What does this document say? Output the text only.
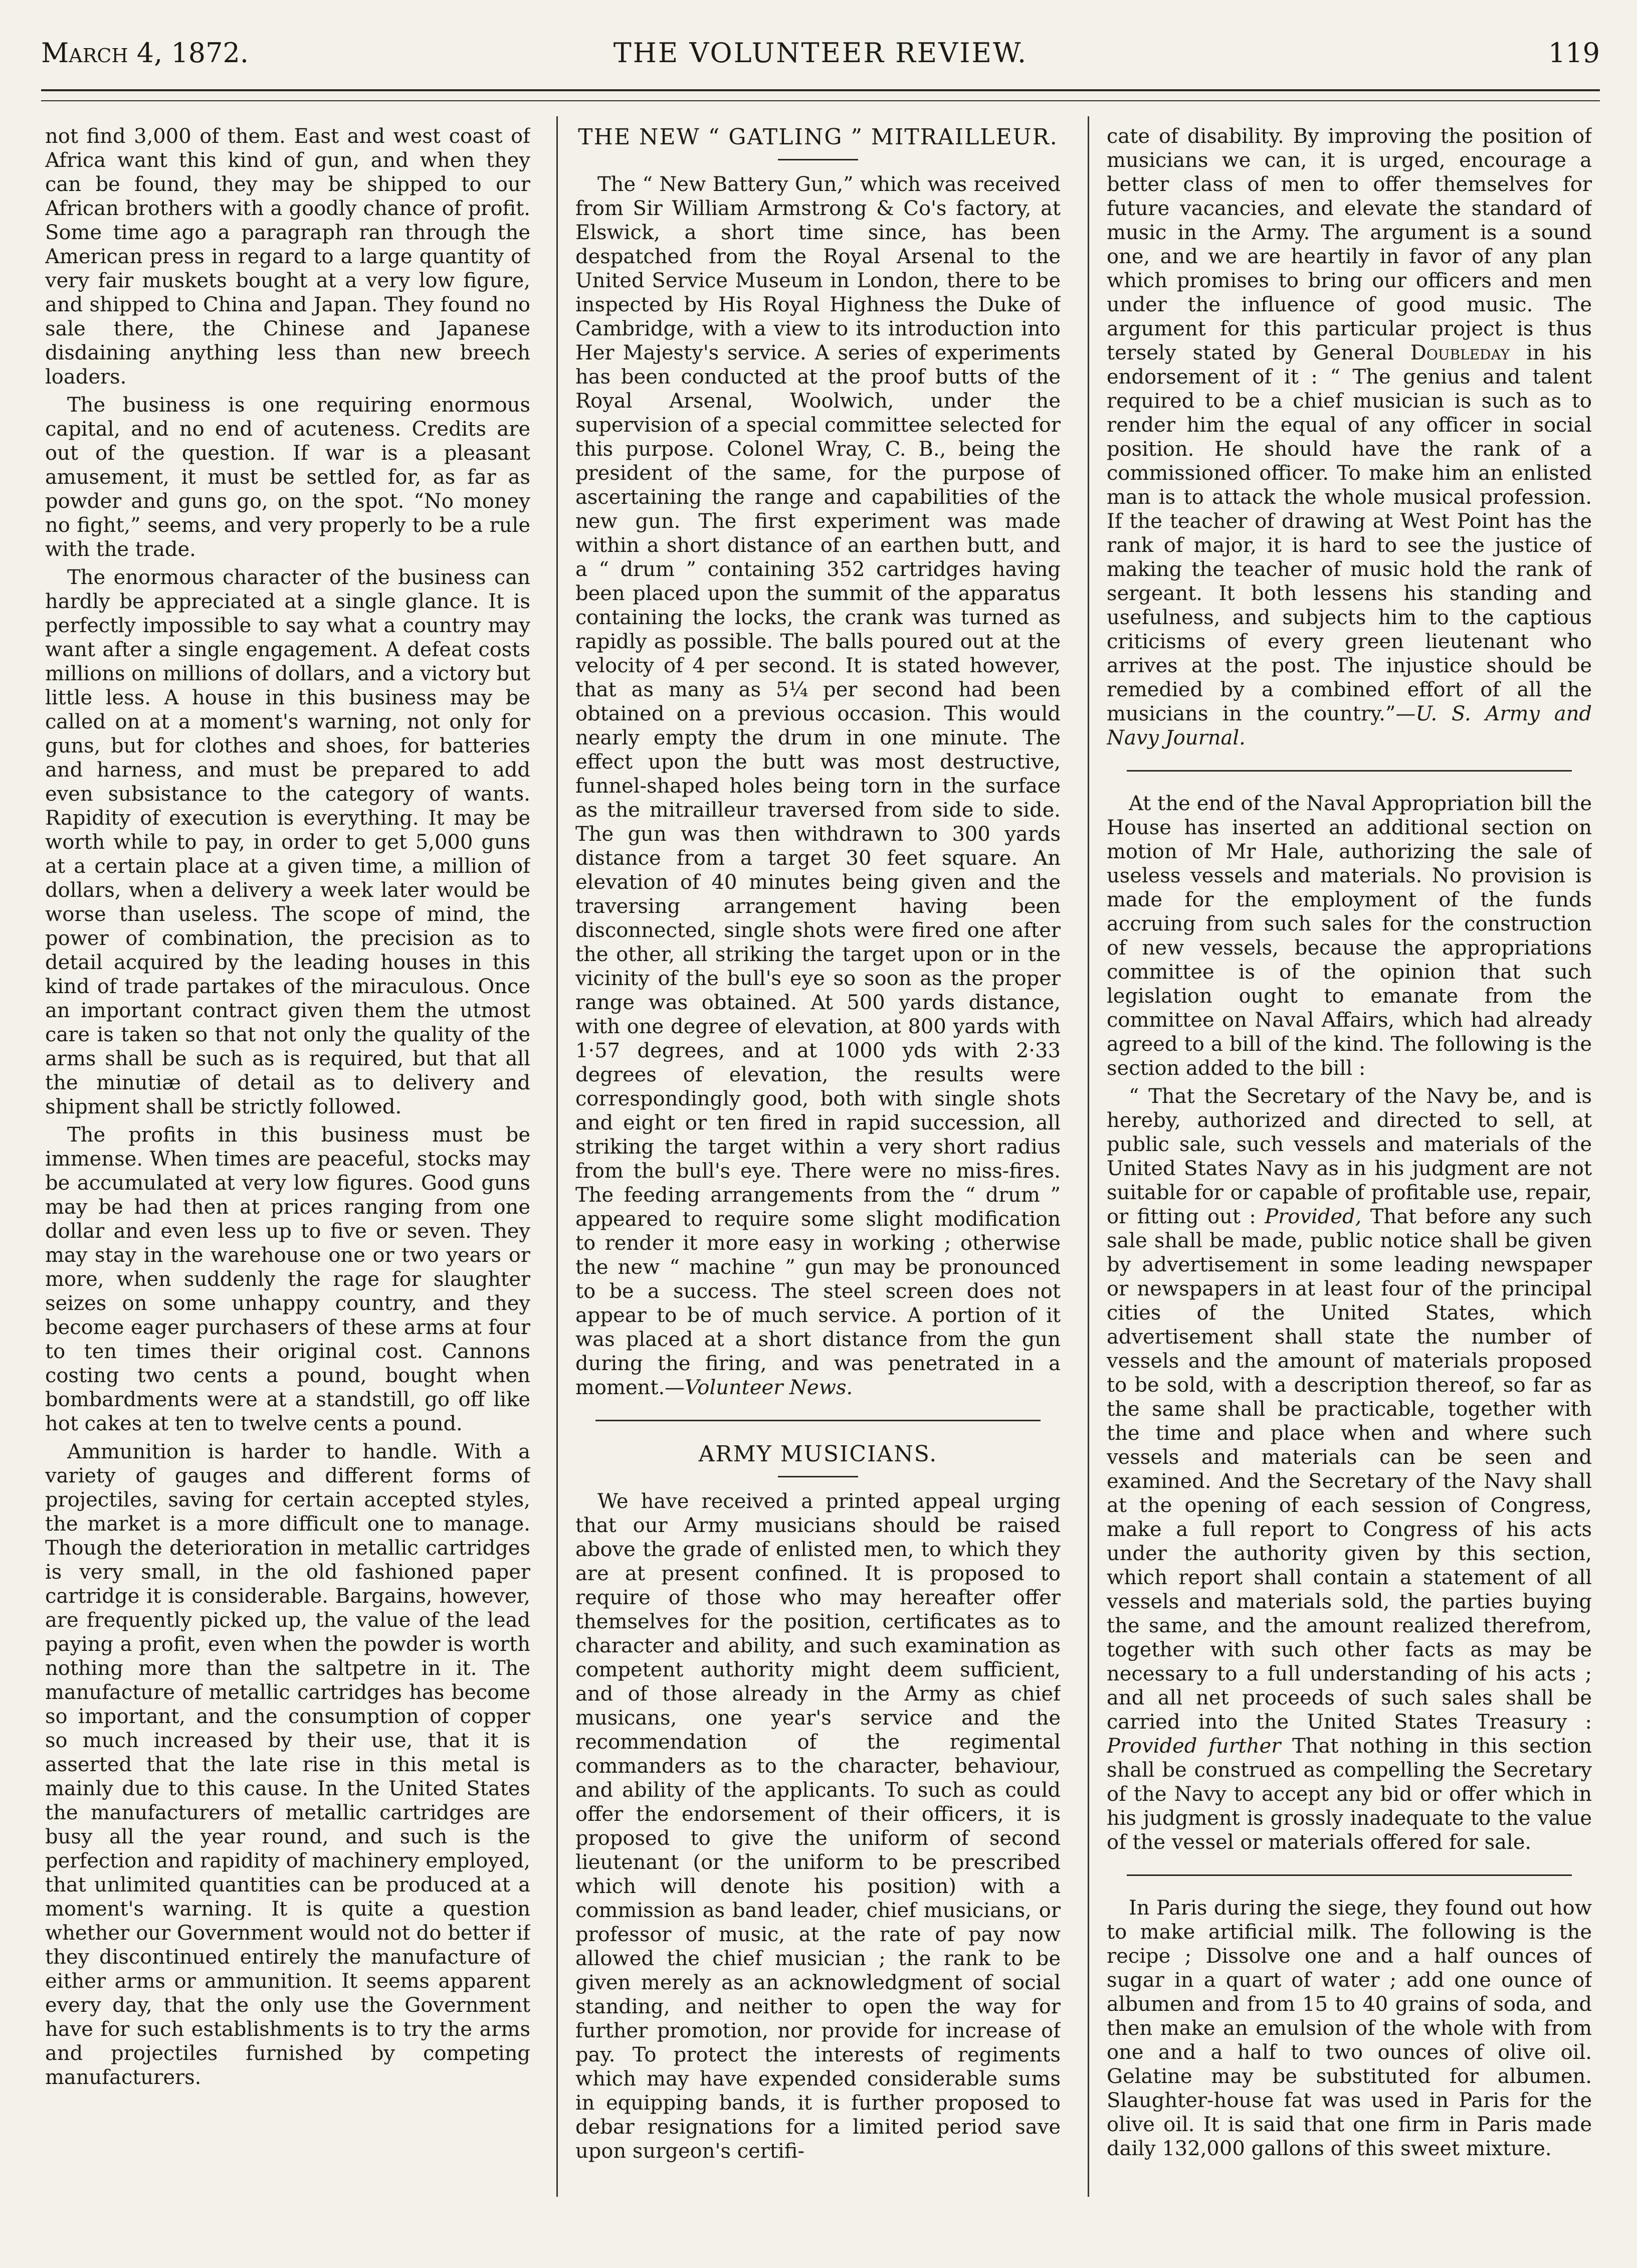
March 4, 1872.	THE VOLUNTEER REVIEW.	119

not find 3,000 of them. East and west coast of Africa want this kind of gun, and when they can be found, they may be shipped to our African brothers with a goodly chance of profit. Some time ago a paragraph ran through the American press in regard to a large quantity of very fair muskets bought at a very low figure, and shipped to China and Japan. They found no sale there, the Chinese and Japanese disdaining anything less than new breech loaders.

The business is one requiring enormous capital, and no end of acuteness. Credits are out of the question. If war is a pleasant amusement, it must be settled for, as far as powder and guns go, on the spot. “No money no fight,” seems, and very properly to be a rule with the trade.

The enormous character of the business can hardly be appreciated at a single glance. It is perfectly impossible to say what a country may want after a single engagement. A defeat costs millions on millions of dollars, and a victory but little less. A house in this business may be called on at a moment's warning, not only for guns, but for clothes and shoes, for batteries and harness, and must be prepared to add even subsistance to the category of wants. Rapidity of execution is everything. It may be worth while to pay, in order to get 5,000 guns at a certain place at a given time, a million of dollars, when a delivery a week later would be worse than useless. The scope of mind, the power of combination, the precision as to detail acquired by the leading houses in this kind of trade partakes of the miraculous. Once an important contract given them the utmost care is taken so that not only the quality of the arms shall be such as is required, but that all the minutiæ of detail as to delivery and shipment shall be strictly followed.

The profits in this business must be immense. When times are peaceful, stocks may be accumulated at very low figures. Good guns may be had then at prices ranging from one dollar and even less up to five or seven. They may stay in the warehouse one or two years or more, when suddenly the rage for slaughter seizes on some unhappy country, and they become eager purchasers of these arms at four to ten times their original cost. Cannons costing two cents a pound, bought when bombardments were at a standstill, go off like hot cakes at ten to twelve cents a pound.

Ammunition is harder to handle. With a variety of gauges and different forms of projectiles, saving for certain accepted styles, the market is a more difficult one to manage. Though the deterioration in metallic cartridges is very small, in the old fashioned paper cartridge it is considerable. Bargains, however, are frequently picked up, the value of the lead paying a profit, even when the powder is worth nothing more than the saltpetre in it. The manufacture of metallic cartridges has become so important, and the consumption of copper so much increased by their use, that it is asserted that the late rise in this metal is mainly due to this cause. In the United States the manufacturers of metallic cartridges are busy all the year round, and such is the perfection and rapidity of machinery employed, that unlimited quantities can be produced at a moment's warning. It is quite a question whether our Government would not do better if they discontinued entirely the manufacture of either arms or ammunition. It seems apparent every day, that the only use the Government have for such establishments is to try the arms and projectiles furnished by competing manufacturers.

THE NEW “ GATLING ” MITRAILLEUR.

The “ New Battery Gun,” which was received from Sir William Armstrong & Co's factory, at Elswick, a short time since, has been despatched from the Royal Arsenal to the United Service Museum in London, there to be inspected by His Royal Highness the Duke of Cambridge, with a view to its introduction into Her Majesty's service. A series of experiments has been conducted at the proof butts of the Royal Arsenal, Woolwich, under the supervision of a special committee selected for this purpose. Colonel Wray, C. B., being the president of the same, for the purpose of ascertaining the range and capabilities of the new gun. The first experiment was made within a short distance of an earthen butt, and a “ drum ” containing 352 cartridges having been placed upon the summit of the apparatus containing the locks, the crank was turned as rapidly as possible. The balls poured out at the velocity of 4 per second. It is stated however, that as many as 5¼ per second had been obtained on a previous occasion. This would nearly empty the drum in one minute. The effect upon the butt was most destructive, funnel-shaped holes being torn in the surface as the mitrailleur traversed from side to side. The gun was then withdrawn to 300 yards distance from a target 30 feet square. An elevation of 40 minutes being given and the traversing arrangement having been disconnected, single shots were fired one after the other, all striking the target upon or in the vicinity of the bull's eye so soon as the proper range was obtained. At 500 yards distance, with one degree of elevation, at 800 yards with 1·57 degrees, and at 1000 yds with 2·33 degrees of elevation, the results were correspondingly good, both with single shots and eight or ten fired in rapid succession, all striking the target within a very short radius from the bull's eye. There were no miss-fires. The feeding arrangements from the “ drum ” appeared to require some slight modification to render it more easy in working ; otherwise the new “ machine ” gun may be pronounced to be a success. The steel screen does not appear to be of much service. A portion of it was placed at a short distance from the gun during the firing, and was penetrated in a moment.—Volunteer News.

ARMY MUSICIANS.

We have received a printed appeal urging that our Army musicians should be raised above the grade of enlisted men, to which they are at present confined. It is proposed to require of those who may hereafter offer themselves for the position, certificates as to character and ability, and such examination as competent authority might deem sufficient, and of those already in the Army as chief musicans, one year's service and the recommendation of the regimental commanders as to the character, behaviour, and ability of the applicants. To such as could offer the endorsement of their officers, it is proposed to give the uniform of second lieutenant (or the uniform to be prescribed which will denote his position) with a commission as band leader, chief musicians, or professor of music, at the rate of pay now allowed the chief musician ; the rank to be given merely as an acknowledgment of social standing, and neither to open the way for further promotion, nor provide for increase of pay. To protect the interests of regiments which may have expended considerable sums in equipping bands, it is further proposed to debar resignations for a limited period save upon surgeon's certifi-

cate of disability. By improving the position of musicians we can, it is urged, encourage a better class of men to offer themselves for future vacancies, and elevate the standard of music in the Army. The argument is a sound one, and we are heartily in favor of any plan which promises to bring our officers and men under the influence of good music. The argument for this particular project is thus tersely stated by General Doubleday in his endorsement of it : “ The genius and talent required to be a chief musician is such as to render him the equal of any officer in social position. He should have the rank of a commissioned officer. To make him an enlisted man is to attack the whole musical profession. If the teacher of drawing at West Point has the rank of major, it is hard to see the justice of making the teacher of music hold the rank of sergeant. It both lessens his standing and usefulness, and subjects him to the captious criticisms of every green lieutenant who arrives at the post. The injustice should be remedied by a combined effort of all the musicians in the country.”—U. S. Army and Navy Journal.

At the end of the Naval Appropriation bill the House has inserted an additional section on motion of Mr Hale, authorizing the sale of useless vessels and materials. No provision is made for the employment of the funds accruing from such sales for the construction of new vessels, because the appropriations committee is of the opinion that such legislation ought to emanate from the committee on Naval Affairs, which had already agreed to a bill of the kind. The following is the section added to the bill :

“ That the Secretary of the Navy be, and is hereby, authorized and directed to sell, at public sale, such vessels and materials of the United States Navy as in his judgment are not suitable for or capable of profitable use, repair, or fitting out : Provided, That before any such sale shall be made, public notice shall be given by advertisement in some leading newspaper or newspapers in at least four of the principal cities of the United States, which advertisement shall state the number of vessels and the amount of materials proposed to be sold, with a description thereof, so far as the same shall be practicable, together with the time and place when and where such vessels and materials can be seen and examined. And the Secretary of the Navy shall at the opening of each session of Congress, make a full report to Congress of his acts under the authority given by this section, which report shall contain a statement of all vessels and materials sold, the parties buying the same, and the amount realized therefrom, together with such other facts as may be necessary to a full understanding of his acts ; and all net proceeds of such sales shall be carried into the United States Treasury : Provided further That nothing in this section shall be construed as compelling the Secretary of the Navy to accept any bid or offer which in his judgment is grossly inadequate to the value of the vessel or materials offered for sale.

In Paris during the siege, they found out how to make artificial milk. The following is the recipe ; Dissolve one and a half ounces of sugar in a quart of water ; add one ounce of albumen and from 15 to 40 grains of soda, and then make an emulsion of the whole with from one and a half to two ounces of olive oil. Gelatine may be substituted for albumen. Slaughter-house fat was used in Paris for the olive oil. It is said that one firm in Paris made daily 132,000 gallons of this sweet mixture.
